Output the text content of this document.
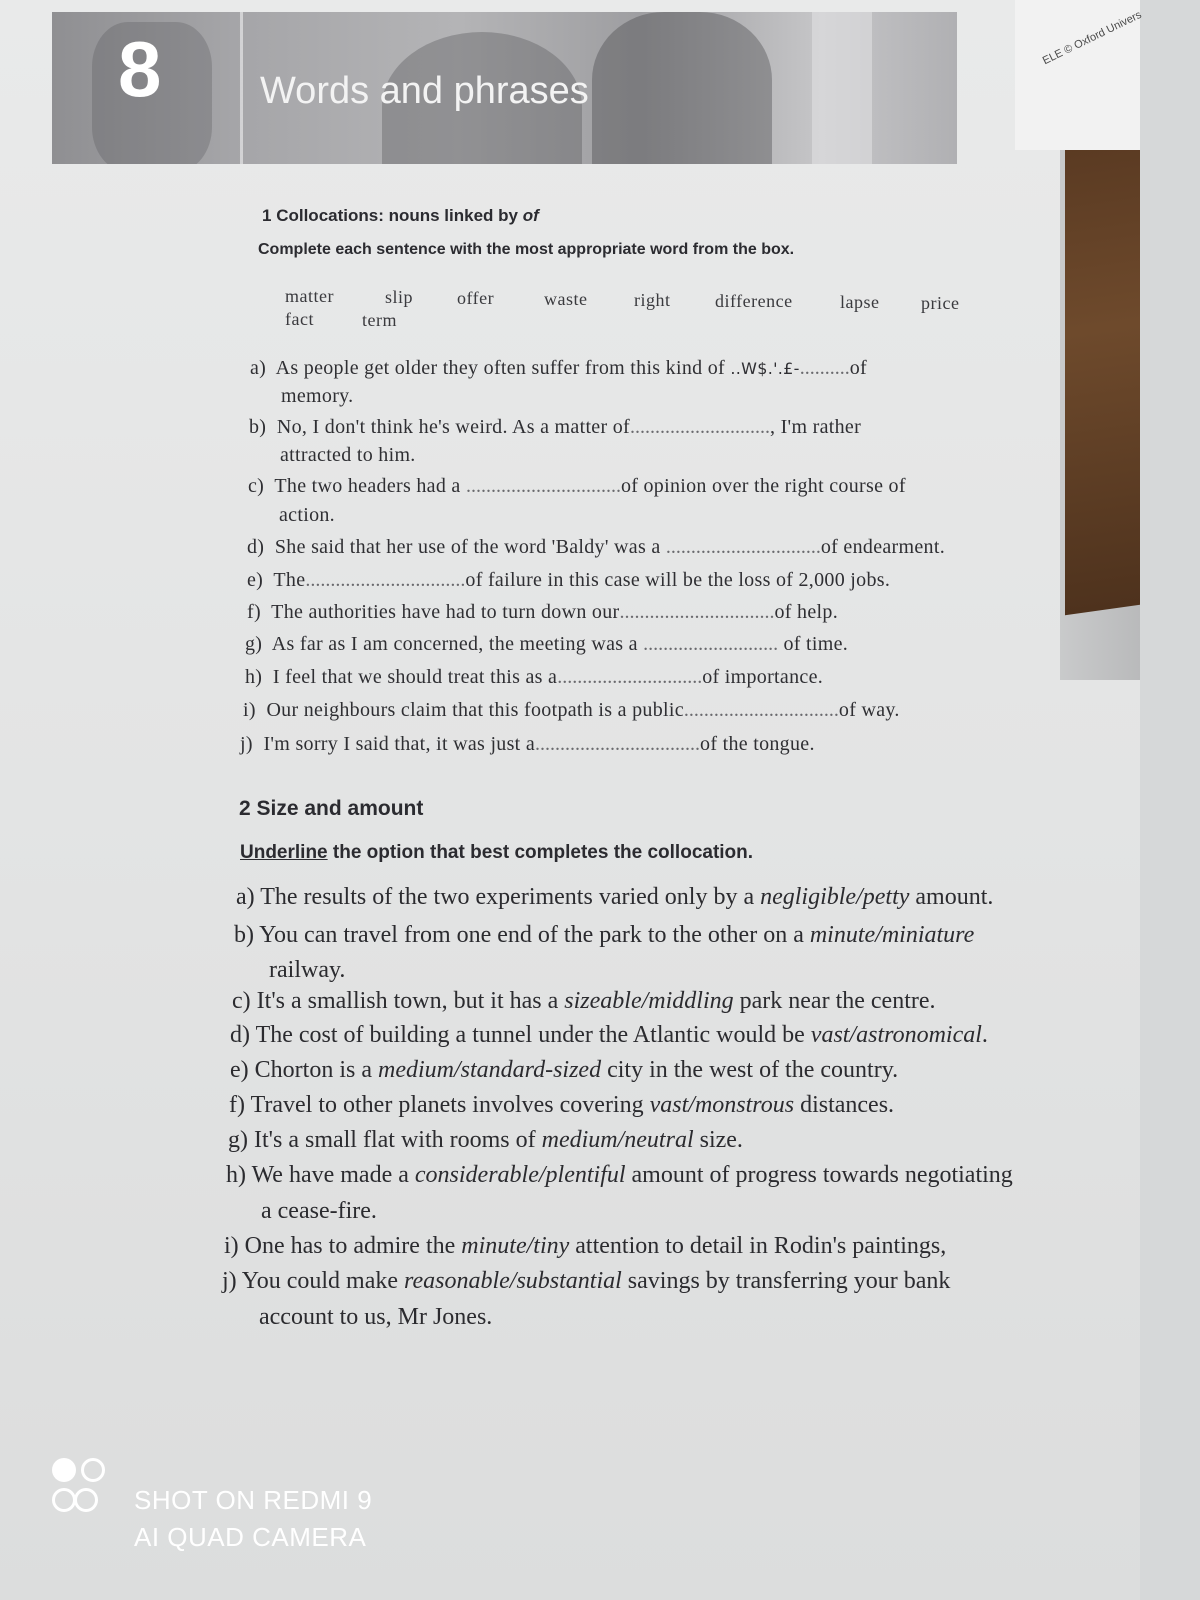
ELE © Oxford Univers
8	Words and phrases
1 Collocations: nouns linked by of
Complete each sentence with the most appropriate word from the box.
matter	slip offer	waste	right difference	lapse price
fact	term
a) As people get older they often suffer from this kind of ..W$.'.£-..........of
memory.
b) No, I don't think he's weird. As a matter of............................, I'm rather
attracted to him.
c) The two headers had a ...............................of opinion over the right course of
action.
d) She said that her use of the word 'Baldy' was a ...............................of endearment.
e) The................................of failure in this case will be the loss of 2,000 jobs.
f) The authorities have had to turn down our...............................of help.
g) As far as I am concerned, the meeting was a ........................... of time.
h) I feel that we should treat this as a.............................of importance.
i) Our neighbours claim that this footpath is a public...............................of way.
j) I'm sorry I said that, it was just a.................................of the tongue.
2 Size and amount
Underline the option that best completes the collocation.
a) The results of the two experiments varied only by a negligible/petty amount.
b) You can travel from one end of the park to the other on a minute/miniature
railway.
c) It's a smallish town, but it has a sizeable/middling park near the centre.
d) The cost of building a tunnel under the Atlantic would be vast/astronomical.
e) Chorton is a medium/standard-sized city in the west of the country.
f) Travel to other planets involves covering vast/monstrous distances.
g) It's a small flat with rooms of medium/neutral size.
h) We have made a considerable/plentiful amount of progress towards negotiating
a cease-fire.
i) One has to admire the minute/tiny attention to detail in Rodin's paintings,
j) You could make reasonable/substantial savings by transferring your bank
account to us, Mr Jones.
SHOT ON REDMI 9
AI QUAD CAMERA
